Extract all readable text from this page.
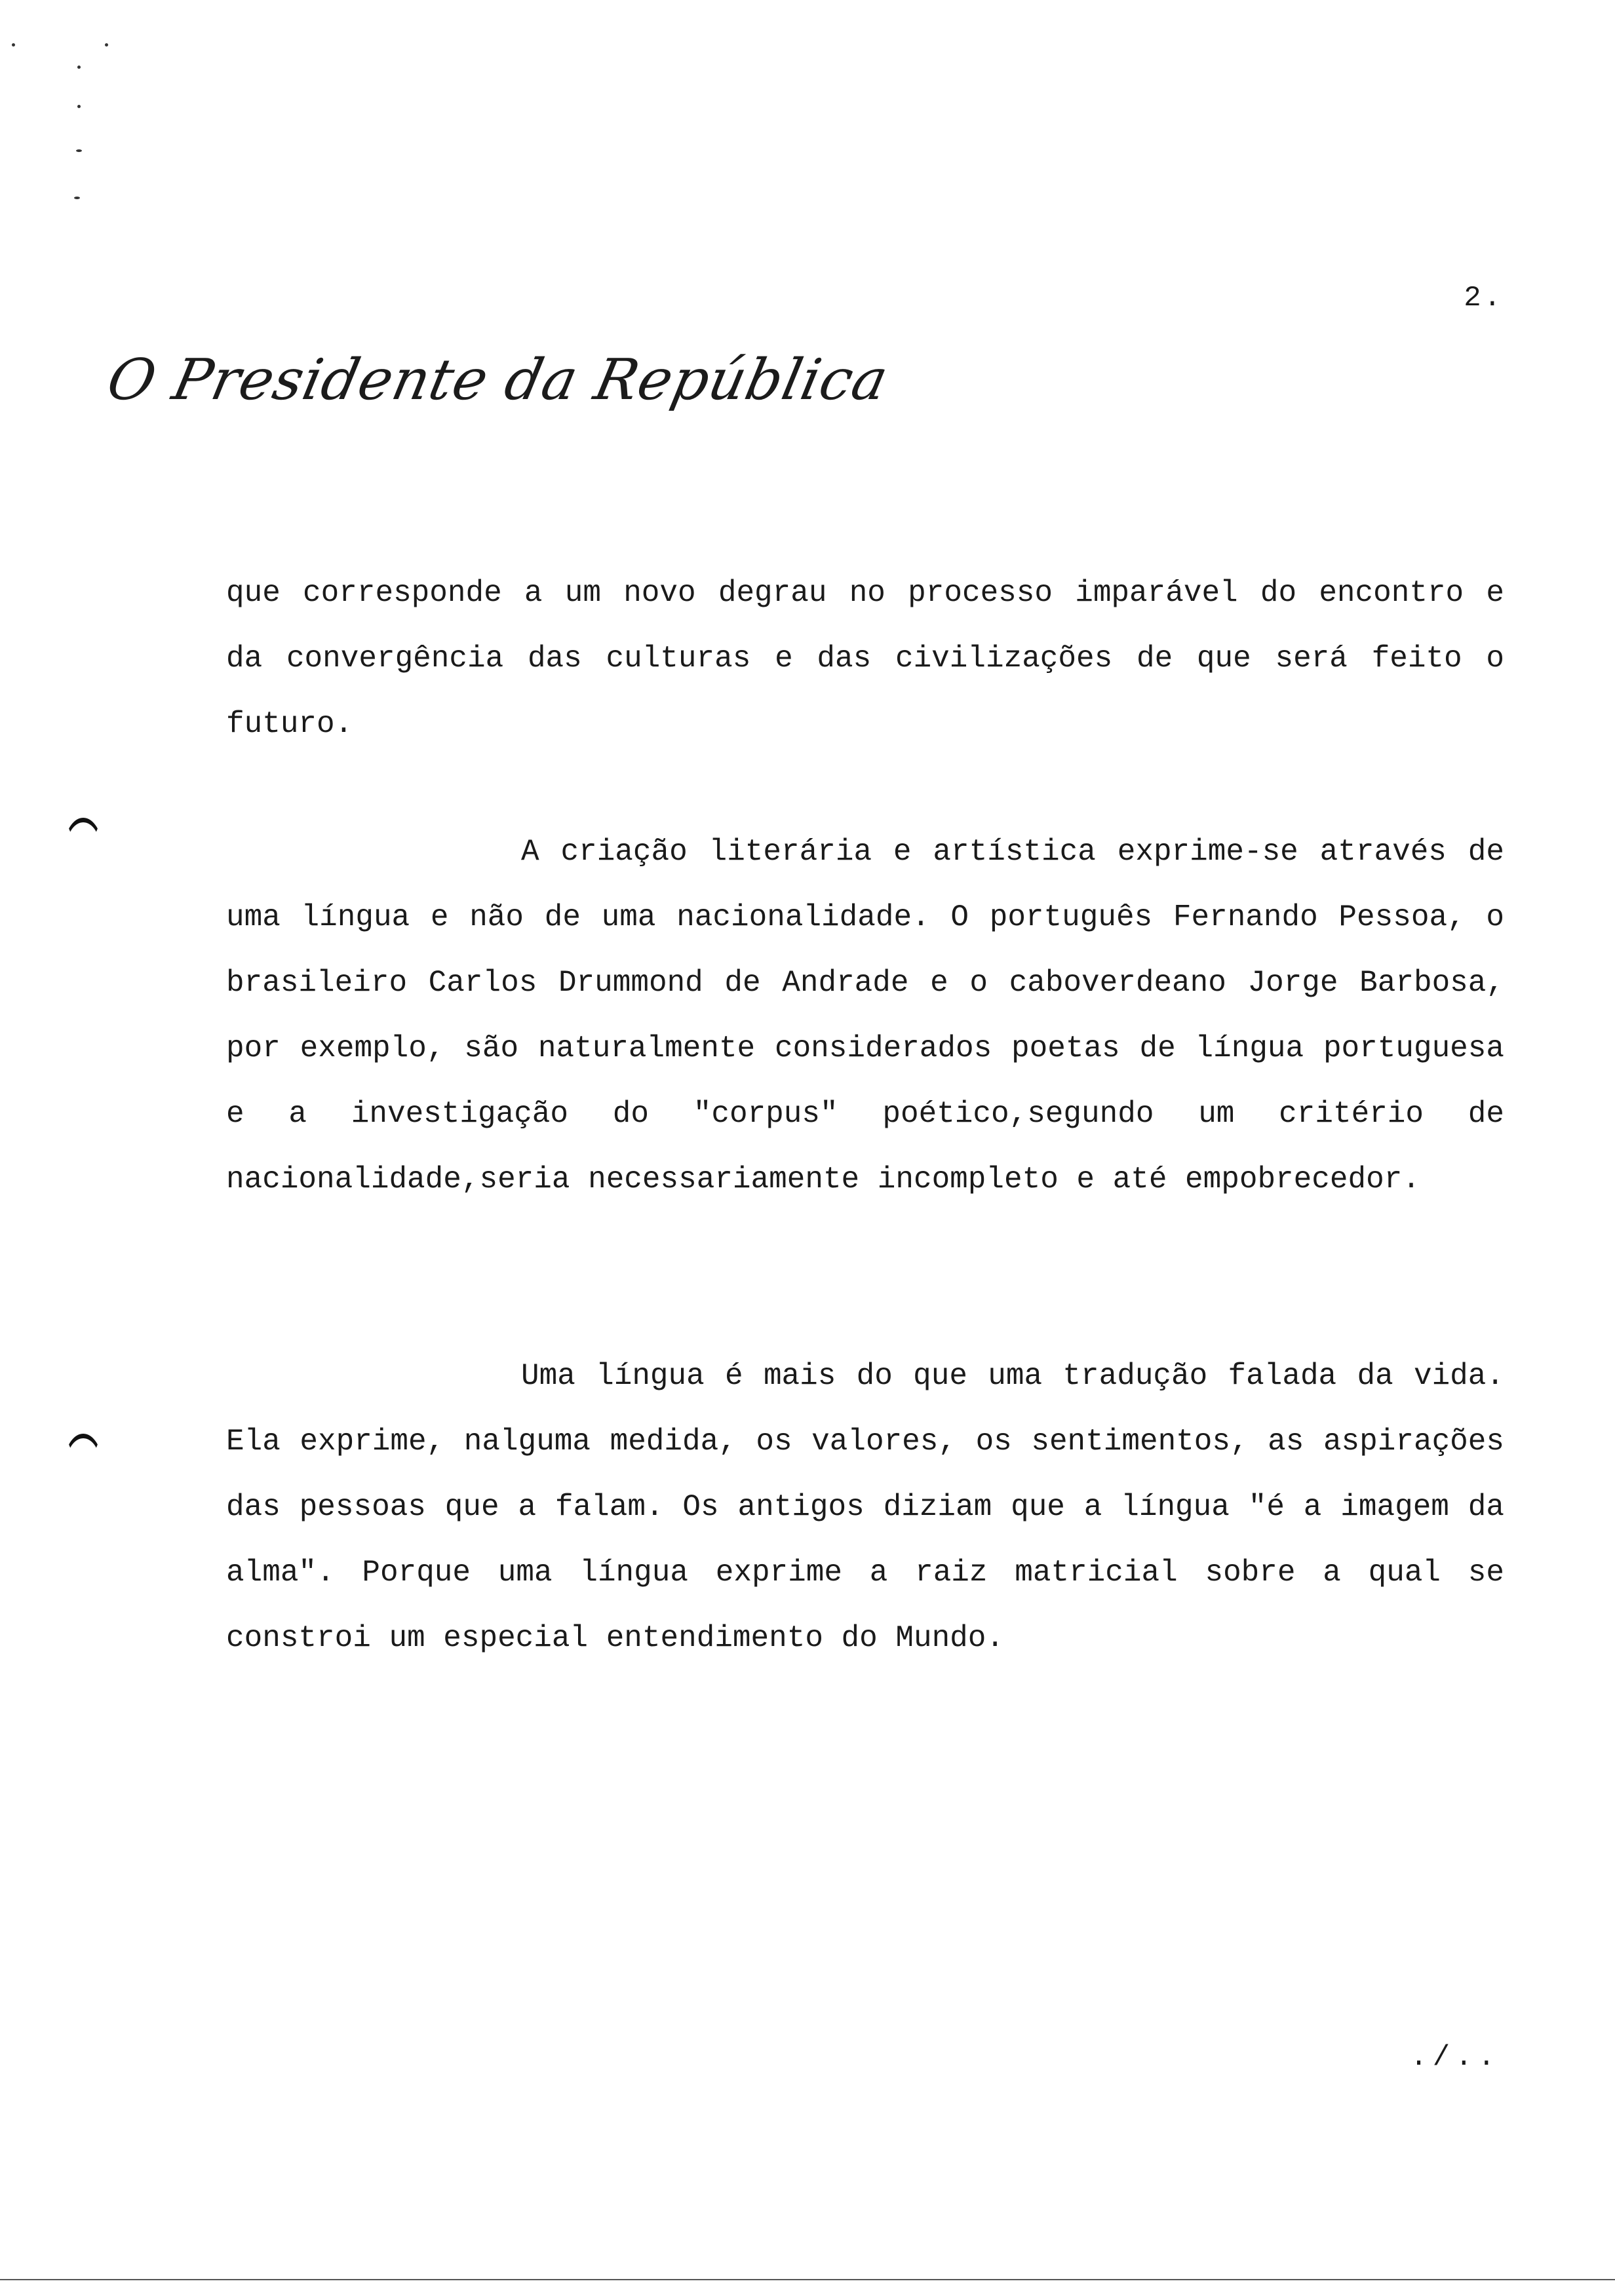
2.
O Presidente da República

que corresponde a um novo degrau no processo imparável do encontro e da convergência das culturas e das civilizações de que será feito o futuro.

A criação literária e artística exprime-se através de uma língua e não de uma nacionalidade. O português Fernando Pessoa, o brasileiro Carlos Drummond de Andrade e o caboverdeano Jorge Barbosa, por exemplo, são naturalmente considerados poetas de língua portuguesa e a investigação do "corpus" poético,segundo um critério de nacionalidade,seria necessariamente incompleto e até empobrecedor.

Uma língua é mais do que uma tradução falada da vida. Ela exprime, nalguma medida, os valores, os sentimentos, as aspirações das pessoas que a falam. Os antigos diziam que a língua "é a imagem da alma". Porque uma língua exprime a raiz matricial sobre a qual se constroi um especial entendimento do Mundo.

./..
